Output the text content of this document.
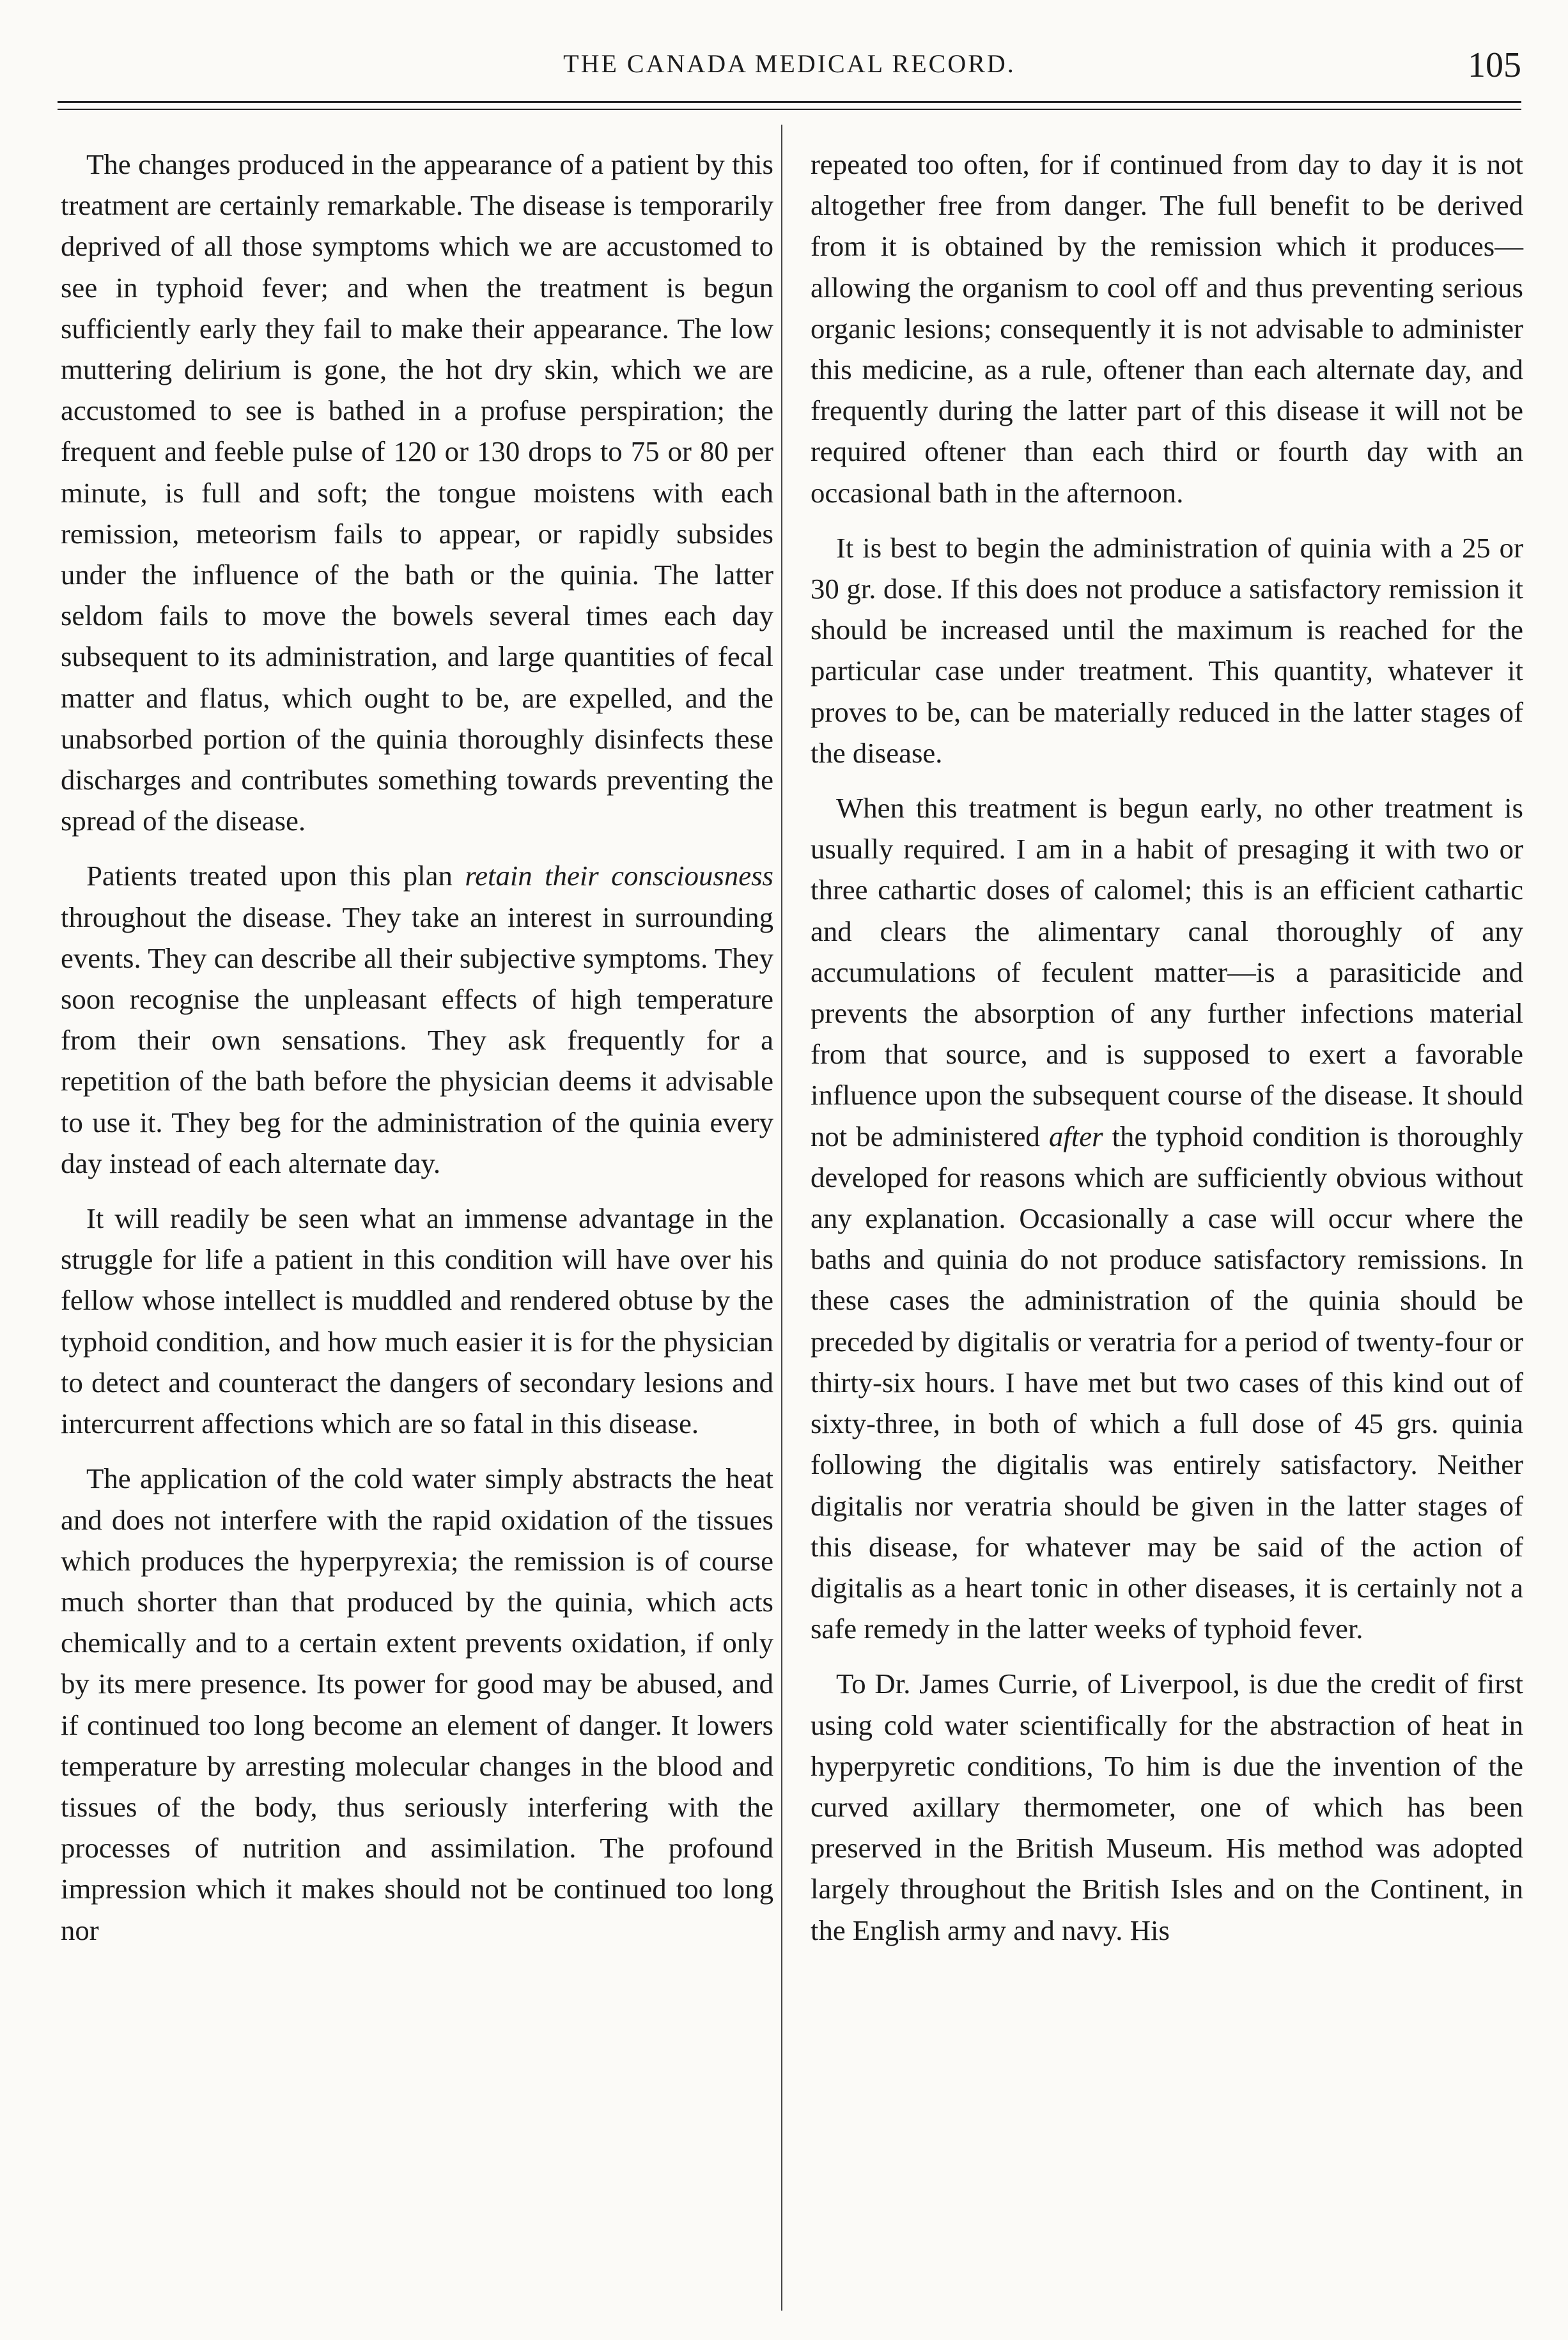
THE CANADA MEDICAL RECORD.	105

The changes produced in the appearance of a patient by this treatment are certainly remarkable. The disease is temporarily deprived of all those symptoms which we are accustomed to see in typhoid fever; and when the treatment is begun sufficiently early they fail to make their appearance. The low muttering delirium is gone, the hot dry skin, which we are accustomed to see is bathed in a profuse perspiration; the frequent and feeble pulse of 120 or 130 drops to 75 or 80 per minute, is full and soft; the tongue moistens with each remission, meteorism fails to appear, or rapidly subsides under the influence of the bath or the quinia. The latter seldom fails to move the bowels several times each day subsequent to its administration, and large quantities of fecal matter and flatus, which ought to be, are expelled, and the unabsorbed portion of the quinia thoroughly disinfects these discharges and contributes something towards preventing the spread of the disease.

Patients treated upon this plan retain their consciousness throughout the disease. They take an interest in surrounding events. They can describe all their subjective symptoms. They soon recognise the unpleasant effects of high temperature from their own sensations. They ask frequently for a repetition of the bath before the physician deems it advisable to use it. They beg for the administration of the quinia every day instead of each alternate day.

It will readily be seen what an immense advantage in the struggle for life a patient in this condition will have over his fellow whose intellect is muddled and rendered obtuse by the typhoid condition, and how much easier it is for the physician to detect and counteract the dangers of secondary lesions and intercurrent affections which are so fatal in this disease.

The application of the cold water simply abstracts the heat and does not interfere with the rapid oxidation of the tissues which produces the hyperpyrexia; the remission is of course much shorter than that produced by the quinia, which acts chemically and to a certain extent prevents oxidation, if only by its mere presence. Its power for good may be abused, and if continued too long become an element of danger. It lowers temperature by arresting molecular changes in the blood and tissues of the body, thus seriously interfering with the processes of nutrition and assimilation. The profound impression which it makes should not be continued too long nor

repeated too often, for if continued from day to day it is not altogether free from danger. The full benefit to be derived from it is obtained by the remission which it produces—allowing the organism to cool off and thus preventing serious organic lesions; consequently it is not advisable to administer this medicine, as a rule, oftener than each alternate day, and frequently during the latter part of this disease it will not be required oftener than each third or fourth day with an occasional bath in the afternoon.

It is best to begin the administration of quinia with a 25 or 30 gr. dose. If this does not produce a satisfactory remission it should be increased until the maximum is reached for the particular case under treatment. This quantity, whatever it proves to be, can be materially reduced in the latter stages of the disease.

When this treatment is begun early, no other treatment is usually required. I am in a habit of presaging it with two or three cathartic doses of calomel; this is an efficient cathartic and clears the alimentary canal thoroughly of any accumulations of feculent matter—is a parasiticide and prevents the absorption of any further infections material from that source, and is supposed to exert a favorable influence upon the subsequent course of the disease. It should not be administered after the typhoid condition is thoroughly developed for reasons which are sufficiently obvious without any explanation. Occasionally a case will occur where the baths and quinia do not produce satisfactory remissions. In these cases the administration of the quinia should be preceded by digitalis or veratria for a period of twenty-four or thirty-six hours. I have met but two cases of this kind out of sixty-three, in both of which a full dose of 45 grs. quinia following the digitalis was entirely satisfactory. Neither digitalis nor veratria should be given in the latter stages of this disease, for whatever may be said of the action of digitalis as a heart tonic in other diseases, it is certainly not a safe remedy in the latter weeks of typhoid fever.

To Dr. James Currie, of Liverpool, is due the credit of first using cold water scientifically for the abstraction of heat in hyperpyretic conditions, To him is due the invention of the curved axillary thermometer, one of which has been preserved in the British Museum. His method was adopted largely throughout the British Isles and on the Continent, in the English army and navy. His
